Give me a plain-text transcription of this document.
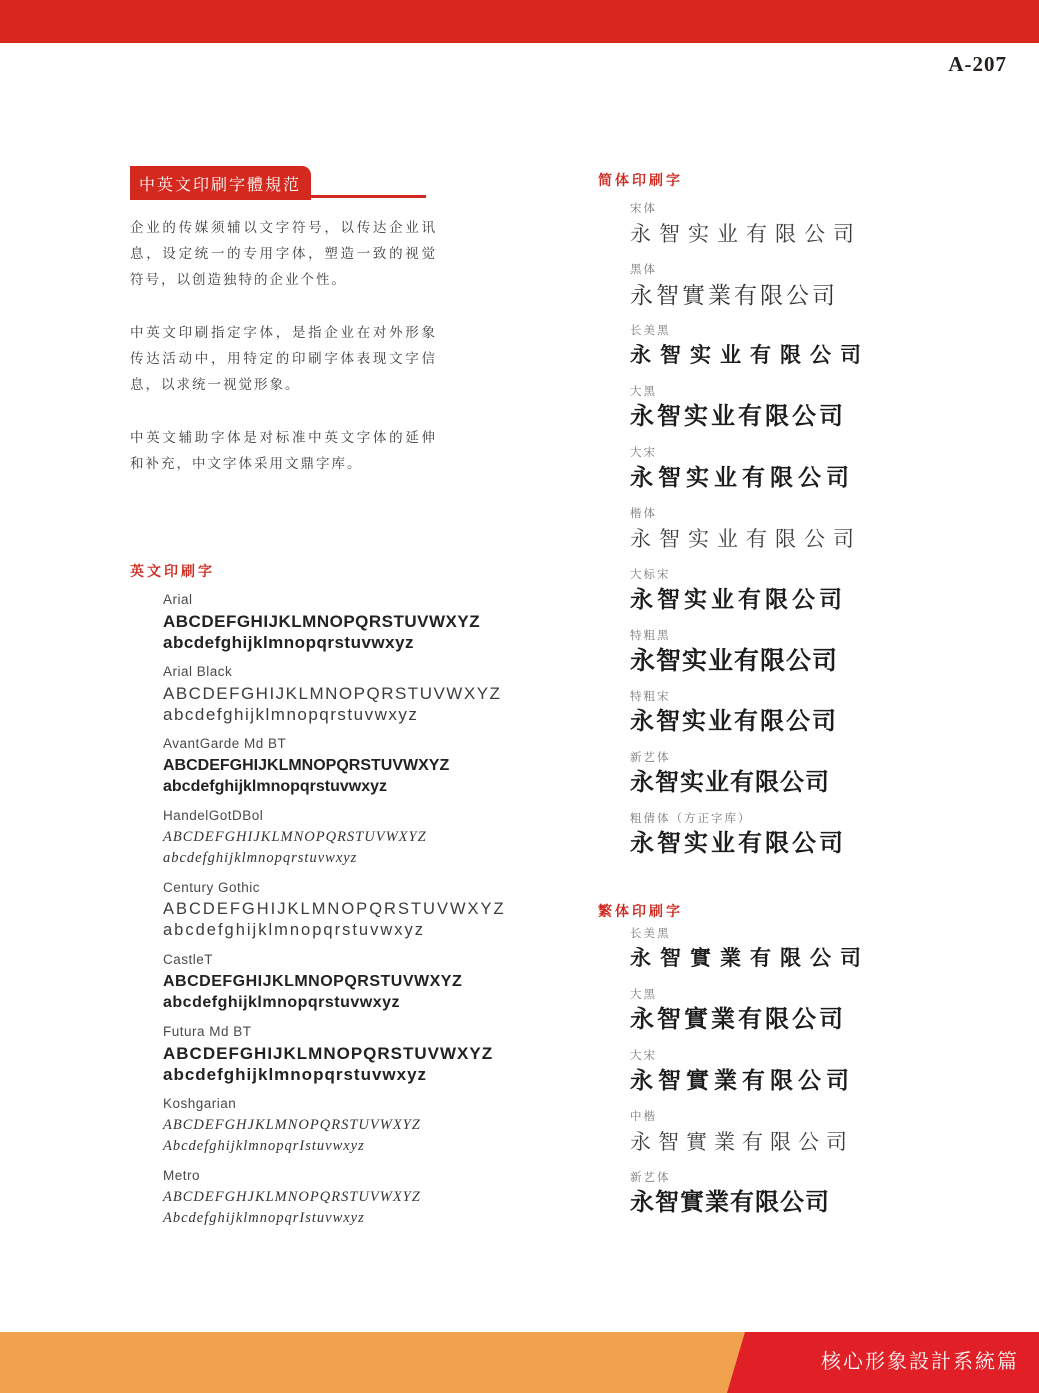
A-207
中英文印刷字體規范

企业的传媒须辅以文字符号，以传达企业讯息，设定统一的专用字体，塑造一致的视觉符号，以创造独特的企业个性。

中英文印刷指定字体，是指企业在对外形象传达活动中，用特定的印刷字体表现文字信息，以求统一视觉形象。

中英文辅助字体是对标准中英文字体的延伸和补充，中文字体采用文鼎字库。

英文印刷字
Arial
ABCDEFGHIJKLMNOPQRSTUVWXYZ
abcdefghijklmnopqrstuvwxyz
Arial Black
ABCDEFGHIJKLMNOPQRSTUVWXYZ
abcdefghijklmnopqrstuvwxyz
AvantGarde Md BT
ABCDEFGHIJKLMNOPQRSTUVWXYZ
abcdefghijklmnopqrstuvwxyz
HandelGotDBol
ABCDEFGHIJKLMNOPQRSTUVWXYZ
abcdefghijklmnopqrstuvwxyz
Century Gothic
ABCDEFGHIJKLMNOPQRSTUVWXYZ
abcdefghijklmnopqrstuvwxyz
CastleT
ABCDEFGHIJKLMNOPQRSTUVWXYZ
abcdefghijklmnopqrstuvwxyz
Futura Md BT
ABCDEFGHIJKLMNOPQRSTUVWXYZ
abcdefghijklmnopqrstuvwxyz
Koshgarian
ABCDEFGHJKLMNOPQRSTUVWXYZ
AbcdefghijklmnopqrIstuvwxyz
Metro
ABCDEFGHJKLMNOPQRSTUVWXYZ
AbcdefghijklmnopqrIstuvwxyz
简体印刷字
宋体
永智实业有限公司
黑体
永智實業有限公司
长美黑
永智实业有限公司
大黑
永智实业有限公司
大宋
永智实业有限公司
楷体
永智实业有限公司
大标宋
永智实业有限公司
特粗黑
永智实业有限公司
特粗宋
永智实业有限公司
新艺体
永智实业有限公司
粗倩体（方正字库）
永智实业有限公司
繁体印刷字
长美黑
永智實業有限公司
大黑
永智實業有限公司
大宋
永智實業有限公司
中楷
永智實業有限公司
新艺体
永智實業有限公司
核心形象設計系統篇
